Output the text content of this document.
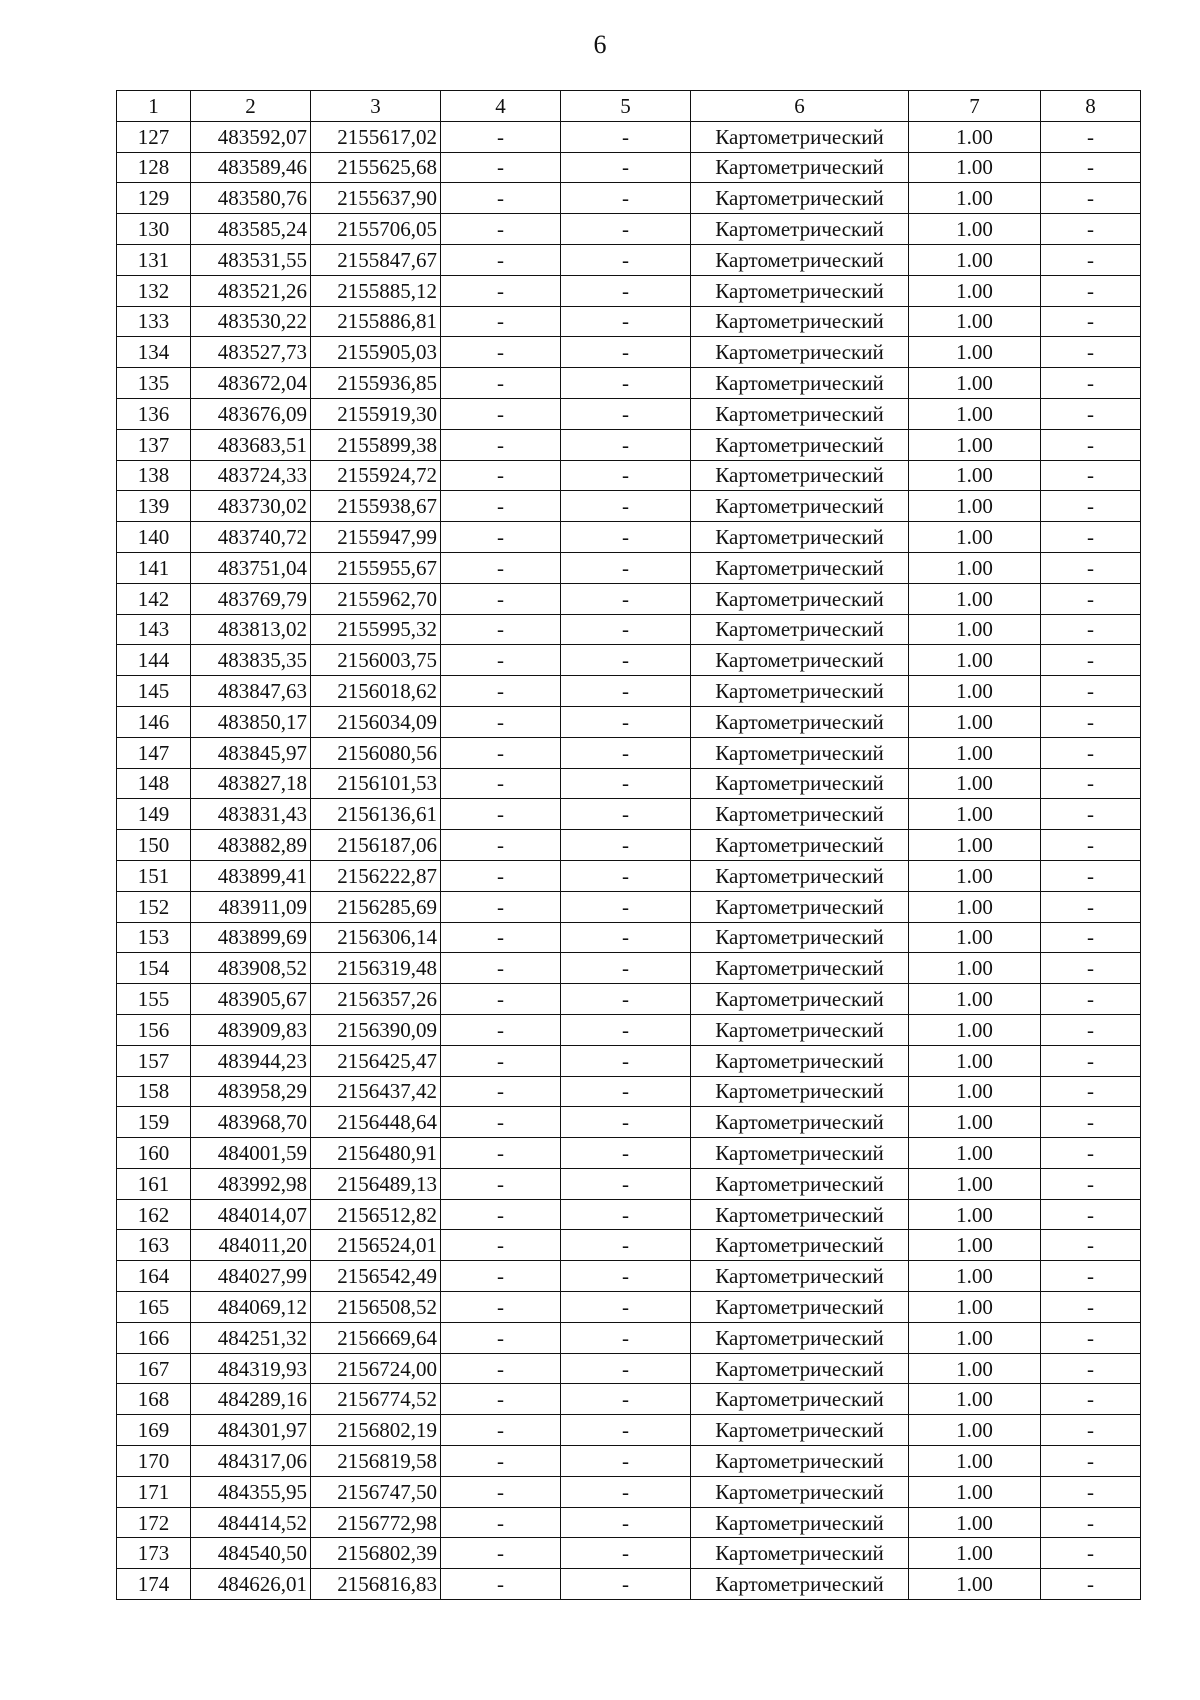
6
1	2	3	4	5	6	7	8
127	483592,07	2155617,02	-	-	Картометрический	1.00	-
128	483589,46	2155625,68	-	-	Картометрический	1.00	-
129	483580,76	2155637,90	-	-	Картометрический	1.00	-
130	483585,24	2155706,05	-	-	Картометрический	1.00	-
131	483531,55	2155847,67	-	-	Картометрический	1.00	-
132	483521,26	2155885,12	-	-	Картометрический	1.00	-
133	483530,22	2155886,81	-	-	Картометрический	1.00	-
134	483527,73	2155905,03	-	-	Картометрический	1.00	-
135	483672,04	2155936,85	-	-	Картометрический	1.00	-
136	483676,09	2155919,30	-	-	Картометрический	1.00	-
137	483683,51	2155899,38	-	-	Картометрический	1.00	-
138	483724,33	2155924,72	-	-	Картометрический	1.00	-
139	483730,02	2155938,67	-	-	Картометрический	1.00	-
140	483740,72	2155947,99	-	-	Картометрический	1.00	-
141	483751,04	2155955,67	-	-	Картометрический	1.00	-
142	483769,79	2155962,70	-	-	Картометрический	1.00	-
143	483813,02	2155995,32	-	-	Картометрический	1.00	-
144	483835,35	2156003,75	-	-	Картометрический	1.00	-
145	483847,63	2156018,62	-	-	Картометрический	1.00	-
146	483850,17	2156034,09	-	-	Картометрический	1.00	-
147	483845,97	2156080,56	-	-	Картометрический	1.00	-
148	483827,18	2156101,53	-	-	Картометрический	1.00	-
149	483831,43	2156136,61	-	-	Картометрический	1.00	-
150	483882,89	2156187,06	-	-	Картометрический	1.00	-
151	483899,41	2156222,87	-	-	Картометрический	1.00	-
152	483911,09	2156285,69	-	-	Картометрический	1.00	-
153	483899,69	2156306,14	-	-	Картометрический	1.00	-
154	483908,52	2156319,48	-	-	Картометрический	1.00	-
155	483905,67	2156357,26	-	-	Картометрический	1.00	-
156	483909,83	2156390,09	-	-	Картометрический	1.00	-
157	483944,23	2156425,47	-	-	Картометрический	1.00	-
158	483958,29	2156437,42	-	-	Картометрический	1.00	-
159	483968,70	2156448,64	-	-	Картометрический	1.00	-
160	484001,59	2156480,91	-	-	Картометрический	1.00	-
161	483992,98	2156489,13	-	-	Картометрический	1.00	-
162	484014,07	2156512,82	-	-	Картометрический	1.00	-
163	484011,20	2156524,01	-	-	Картометрический	1.00	-
164	484027,99	2156542,49	-	-	Картометрический	1.00	-
165	484069,12	2156508,52	-	-	Картометрический	1.00	-
166	484251,32	2156669,64	-	-	Картометрический	1.00	-
167	484319,93	2156724,00	-	-	Картометрический	1.00	-
168	484289,16	2156774,52	-	-	Картометрический	1.00	-
169	484301,97	2156802,19	-	-	Картометрический	1.00	-
170	484317,06	2156819,58	-	-	Картометрический	1.00	-
171	484355,95	2156747,50	-	-	Картометрический	1.00	-
172	484414,52	2156772,98	-	-	Картометрический	1.00	-
173	484540,50	2156802,39	-	-	Картометрический	1.00	-
174	484626,01	2156816,83	-	-	Картометрический	1.00	-
